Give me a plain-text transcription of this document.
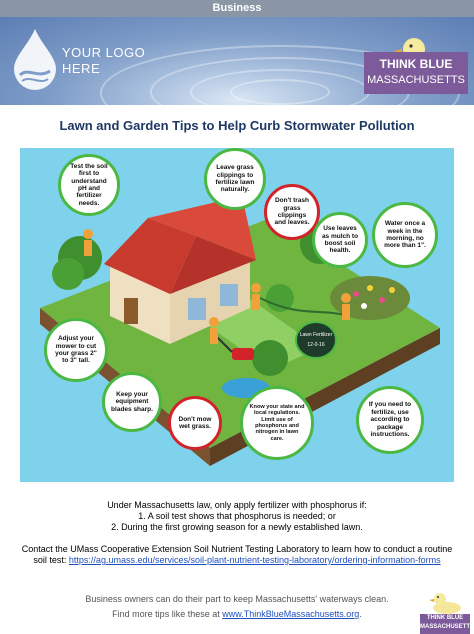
Business
YOUR LOGO
HERE	THINK BLUE
MASSACHUSETTS
Lawn and Garden Tips to Help Curb Stormwater Pollution
Lawn Fertilizer
12-0-16
Test the soil first to understand pH and fertilizer needs.
Leave grass clippings to fertilize lawn naturally.
Don't trash grass clippings and leaves.
Use leaves as mulch to boost soil health.
Water once a week in the morning, no more than 1".
Adjust your mower to cut your grass 2" to 3" tall.
Keep your equipment blades sharp.
Don't mow wet grass.
Know your state and local regulations. Limit use of phosphorus and nitrogen in lawn care.
If you need to fertilize, use according to package instructions.
Under Massachusetts law, only apply fertilizer with phosphorus if:
1. A soil test shows that phosphorus is needed; or
2. During the first growing season for a newly established lawn.
Contact the UMass Cooperative Extension Soil Nutrient Testing Laboratory to learn how to conduct a routine soil test: https://ag.umass.edu/services/soil-plant-nutrient-testing-laboratory/ordering-information-forms
Business owners can do their part to keep Massachusetts' waterways clean.
Find more tips like these at www.ThinkBlueMassachusetts.org.	THINK BLUE
MASSACHUSETTS
